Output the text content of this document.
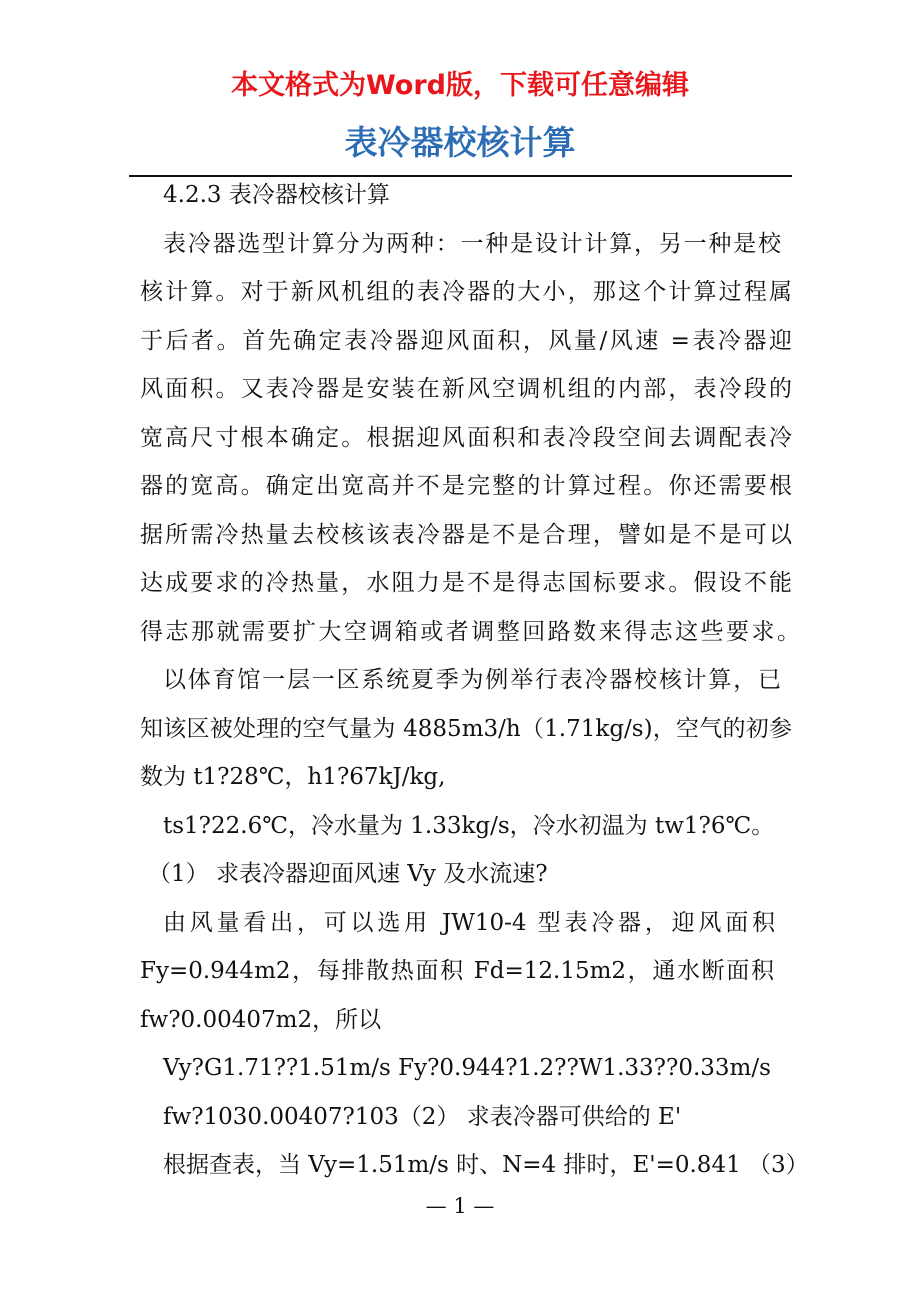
本文格式为Word版，下载可任意编辑
表冷器校核计算
4.2.3 表冷器校核计算
表冷器选型计算分为两种：一种是设计计算，另一种是校
核计算。对于新风机组的表冷器的大小，那这个计算过程属
于后者。首先确定表冷器迎风面积，风量/风速 =表冷器迎
风面积。又表冷器是安装在新风空调机组的内部，表冷段的
宽高尺寸根本确定。根据迎风面积和表冷段空间去调配表冷
器的宽高。确定出宽高并不是完整的计算过程。你还需要根
据所需冷热量去校核该表冷器是不是合理，譬如是不是可以
达成要求的冷热量，水阻力是不是得志国标要求。假设不能
得志那就需要扩大空调箱或者调整回路数来得志这些要求。
以体育馆一层一区系统夏季为例举行表冷器校核计算，已
知该区被处理的空气量为 4885m3/h（1.71kg/s)，空气的初参
数为 t1?28℃，h1?67kJ/kg,
ts1?22.6℃，冷水量为 1.33kg/s，冷水初温为 tw1?6℃。
（1） 求表冷器迎面风速 Vy 及水流速?
由风量看出，可以选用 JW10-4 型表冷器，迎风面积
Fy=0.944m2，每排散热面积 Fd=12.15m2，通水断面积
fw?0.00407m2，所以
Vy?G1.71??1.51m/s Fy?0.944?1.2??W1.33??0.33m/s
fw?1030.00407?103（2） 求表冷器可供给的 E'
根据查表，当 Vy=1.51m/s 时、N=4 排时，E'=0.841 （3）
— 1 —
